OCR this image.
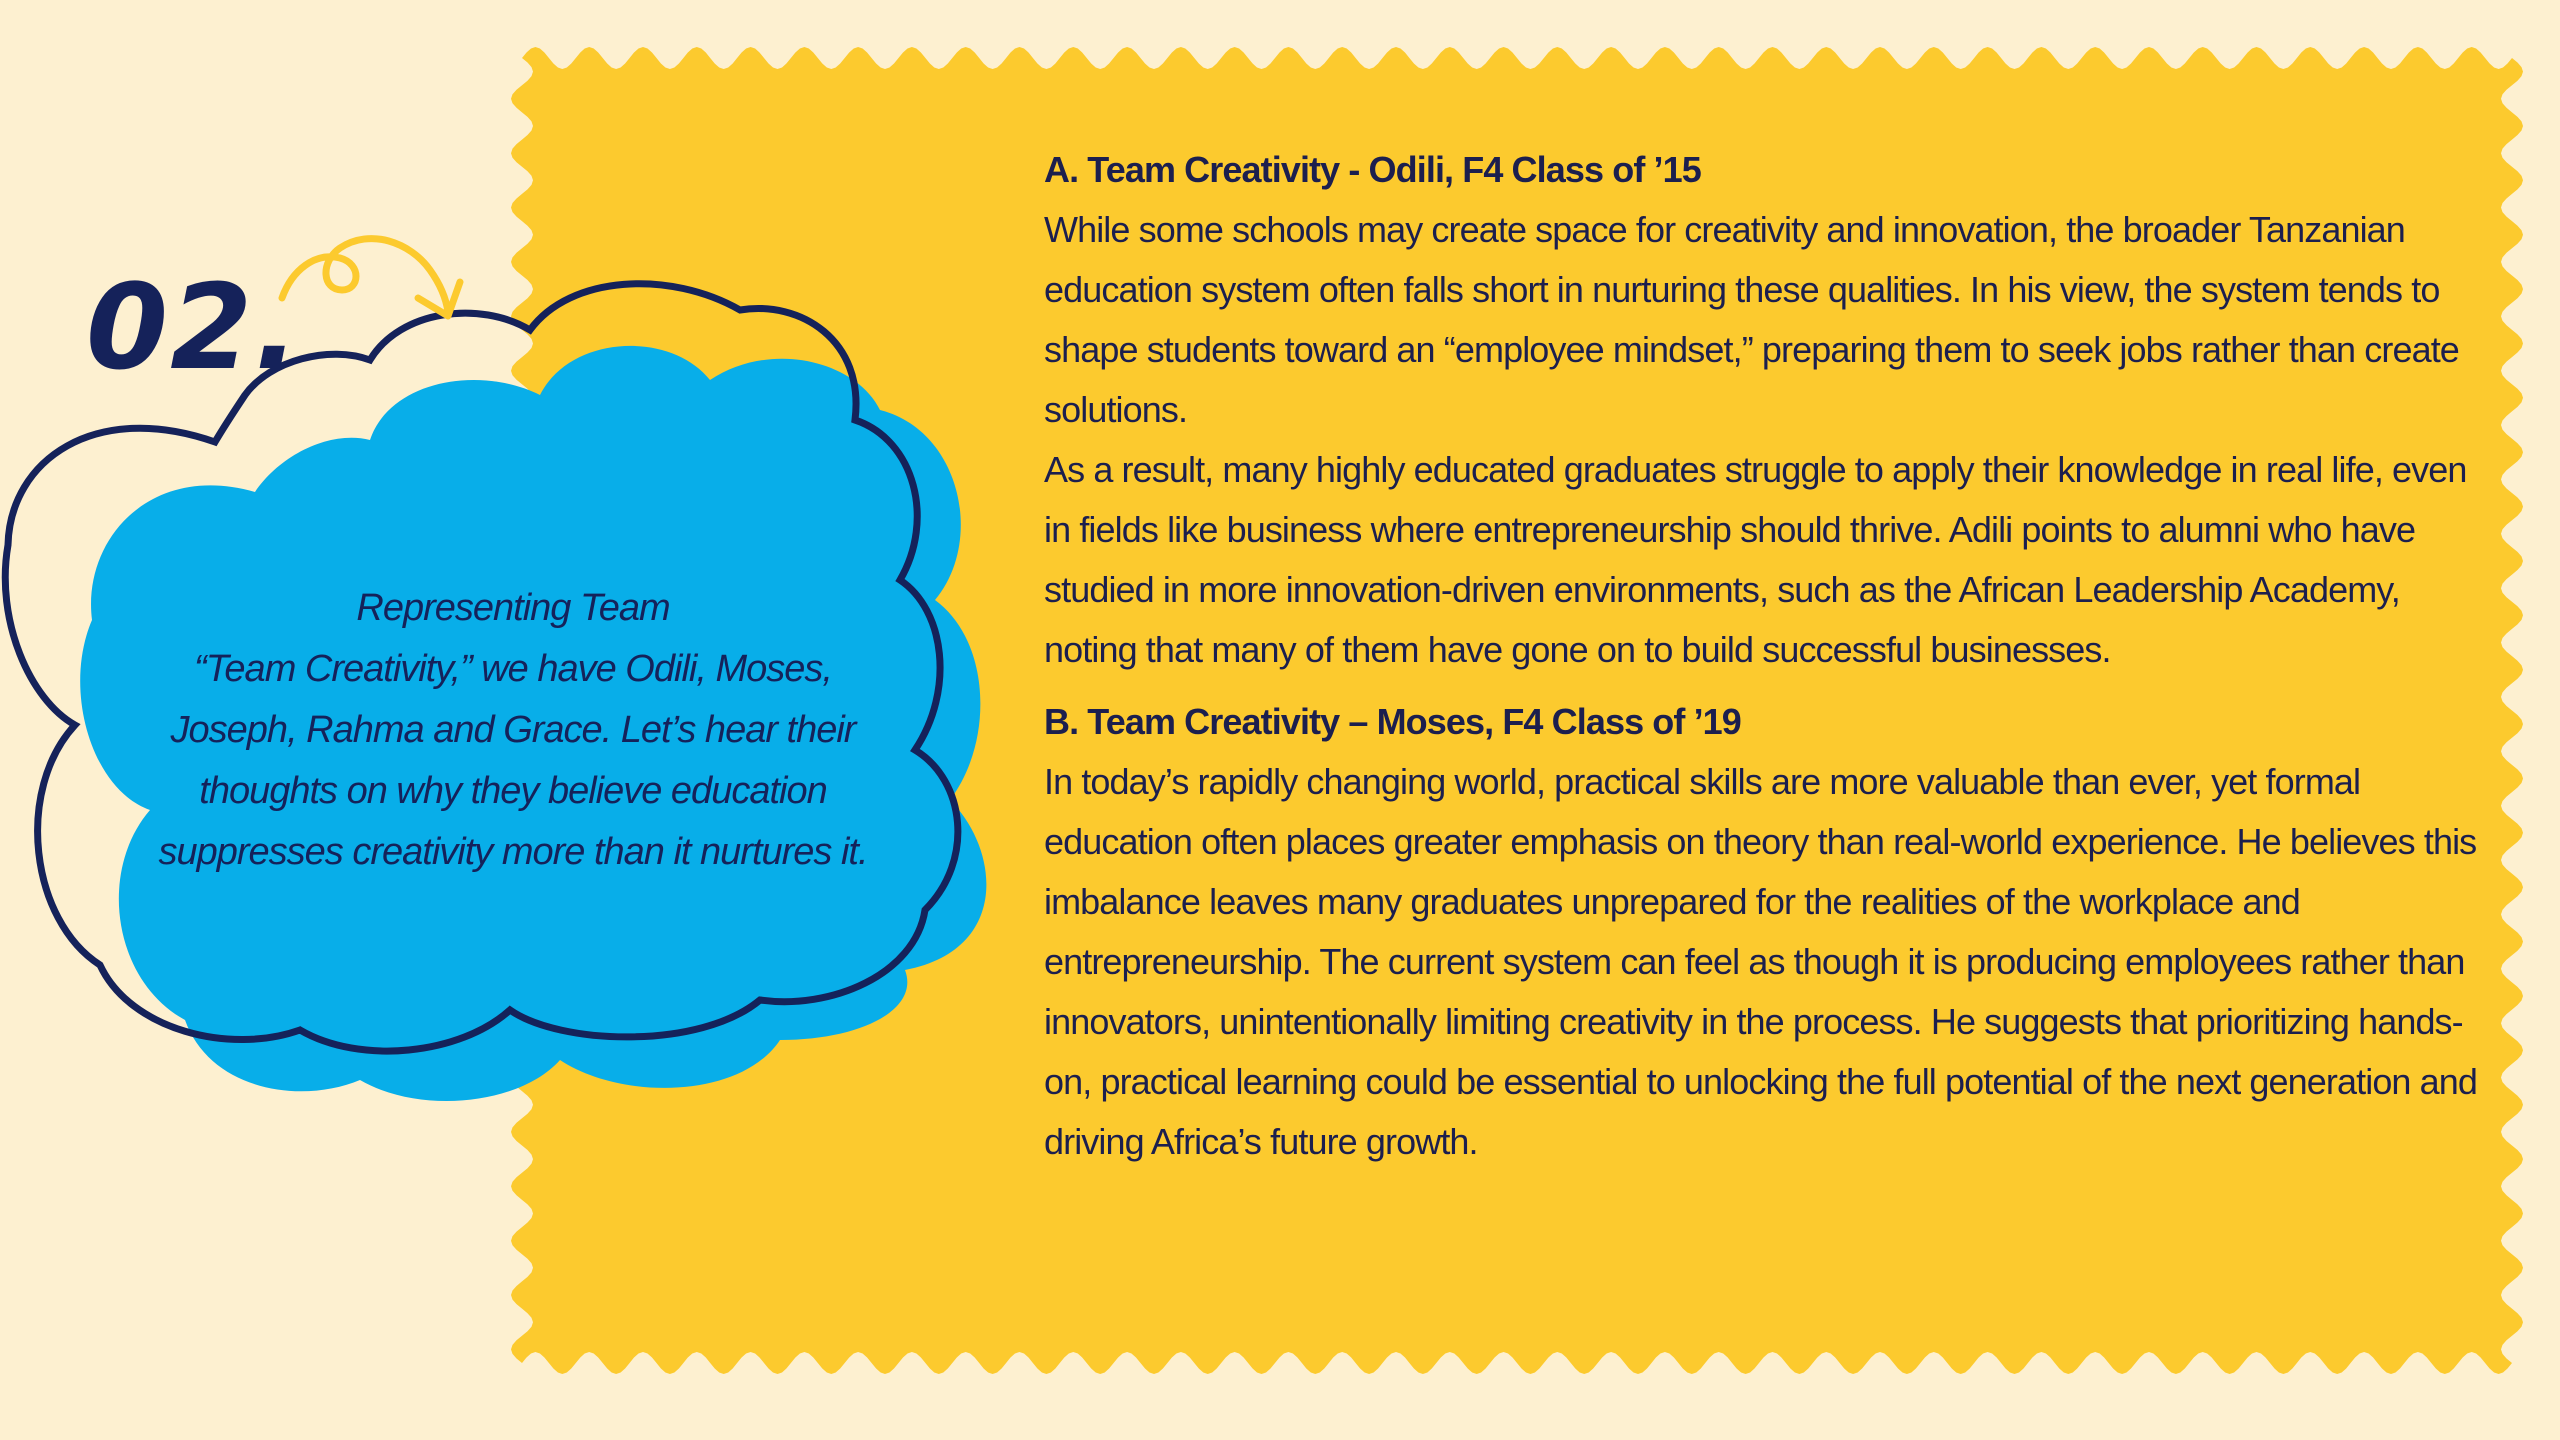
02.
Representing Team
“Team Creativity,” we have Odili, Moses,
Joseph, Rahma and Grace. Let’s hear their
thoughts on why they believe education
suppresses creativity more than it nurtures it.

A. Team Creativity - Odili, F4 Class of ’15

While some schools may create space for creativity and innovation, the broader Tanzanian education system often falls short in nurturing these qualities. In his view, the system tends to shape students toward an “employee mindset,” preparing them to seek jobs rather than create solutions.

As a result, many highly educated graduates struggle to apply their knowledge in real life, even in fields like business where entrepreneurship should thrive. Adili points to alumni who have studied in more innovation-driven environments, such as the African Leadership Academy, noting that many of them have gone on to build successful businesses.

B. Team Creativity – Moses, F4 Class of ’19

In today’s rapidly changing world, practical skills are more valuable than ever, yet formal education often places greater emphasis on theory than real-world experience. He believes this imbalance leaves many graduates unprepared for the realities of the workplace and entrepreneurship. The current system can feel as though it is producing employees rather than innovators, unintentionally limiting creativity in the process. He suggests that prioritizing hands-on, practical learning could be essential to unlocking the full potential of the next generation and driving Africa’s future growth.
